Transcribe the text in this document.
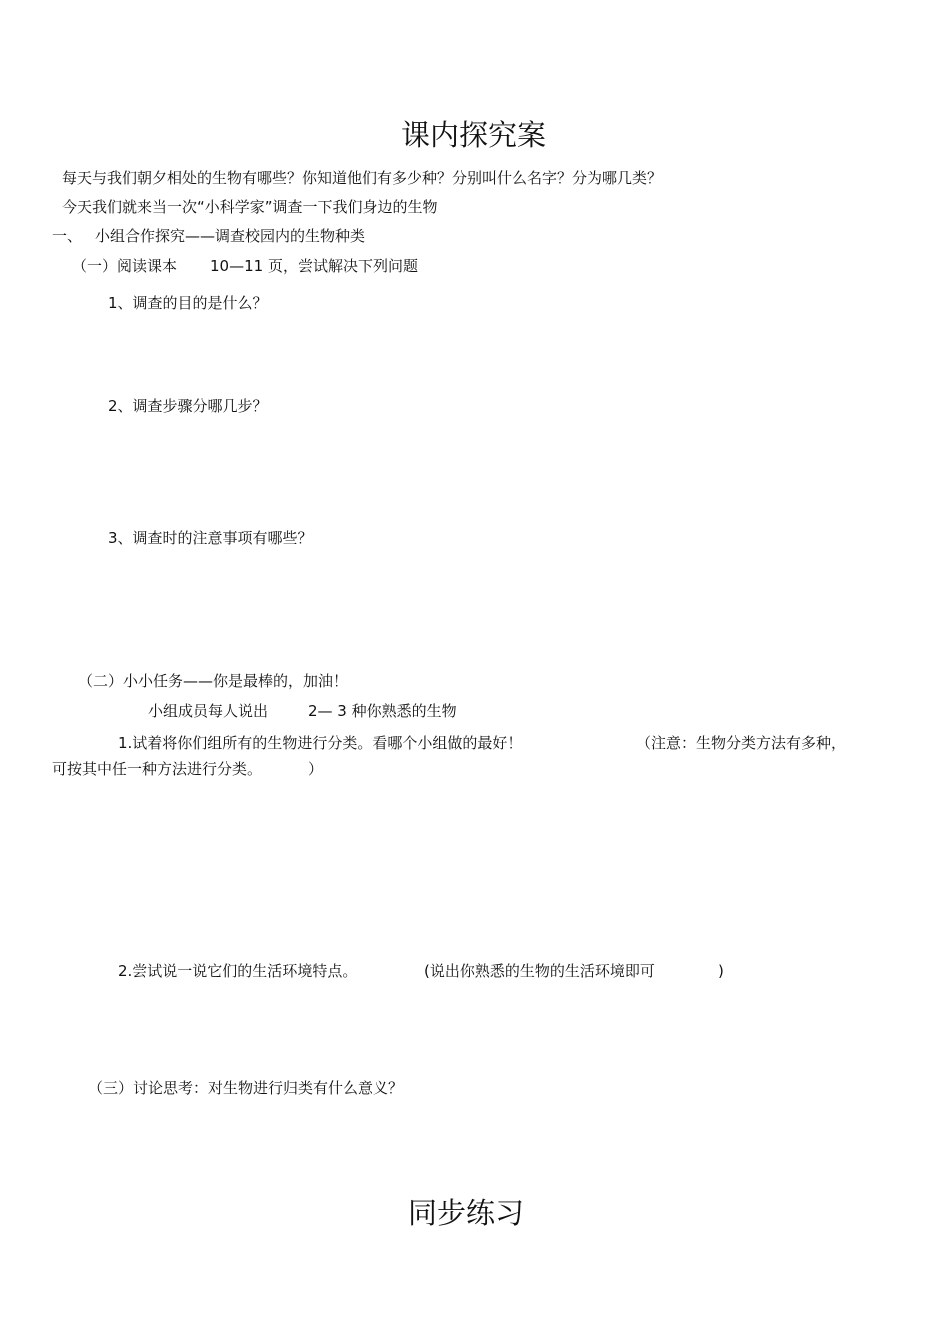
课内探究案
每天与我们朝夕相处的生物有哪些？你知道他们有多少种？分别叫什么名字？分为哪几类？
今天我们就来当一次“小科学家”调查一下我们身边的生物
一、 小组合作探究——调查校园内的生物种类
（一）阅读课本 10—11 页，尝试解决下列问题
1、调查的目的是什么？
2、调查步骤分哪几步？
3、调查时的注意事项有哪些？
（二）小小任务——你是最棒的，加油！
小组成员每人说出	2— 3 种你熟悉的生物
1.试着将你们组所有的生物进行分类。看哪个小组做的最好！	（注意：生物分类方法有多种，
可按其中任一种方法进行分类。	）
2.尝试说一说它们的生活环境特点。	(说出你熟悉的生物的生活环境即可	)
（三）讨论思考：对生物进行归类有什么意义？
同步练习
